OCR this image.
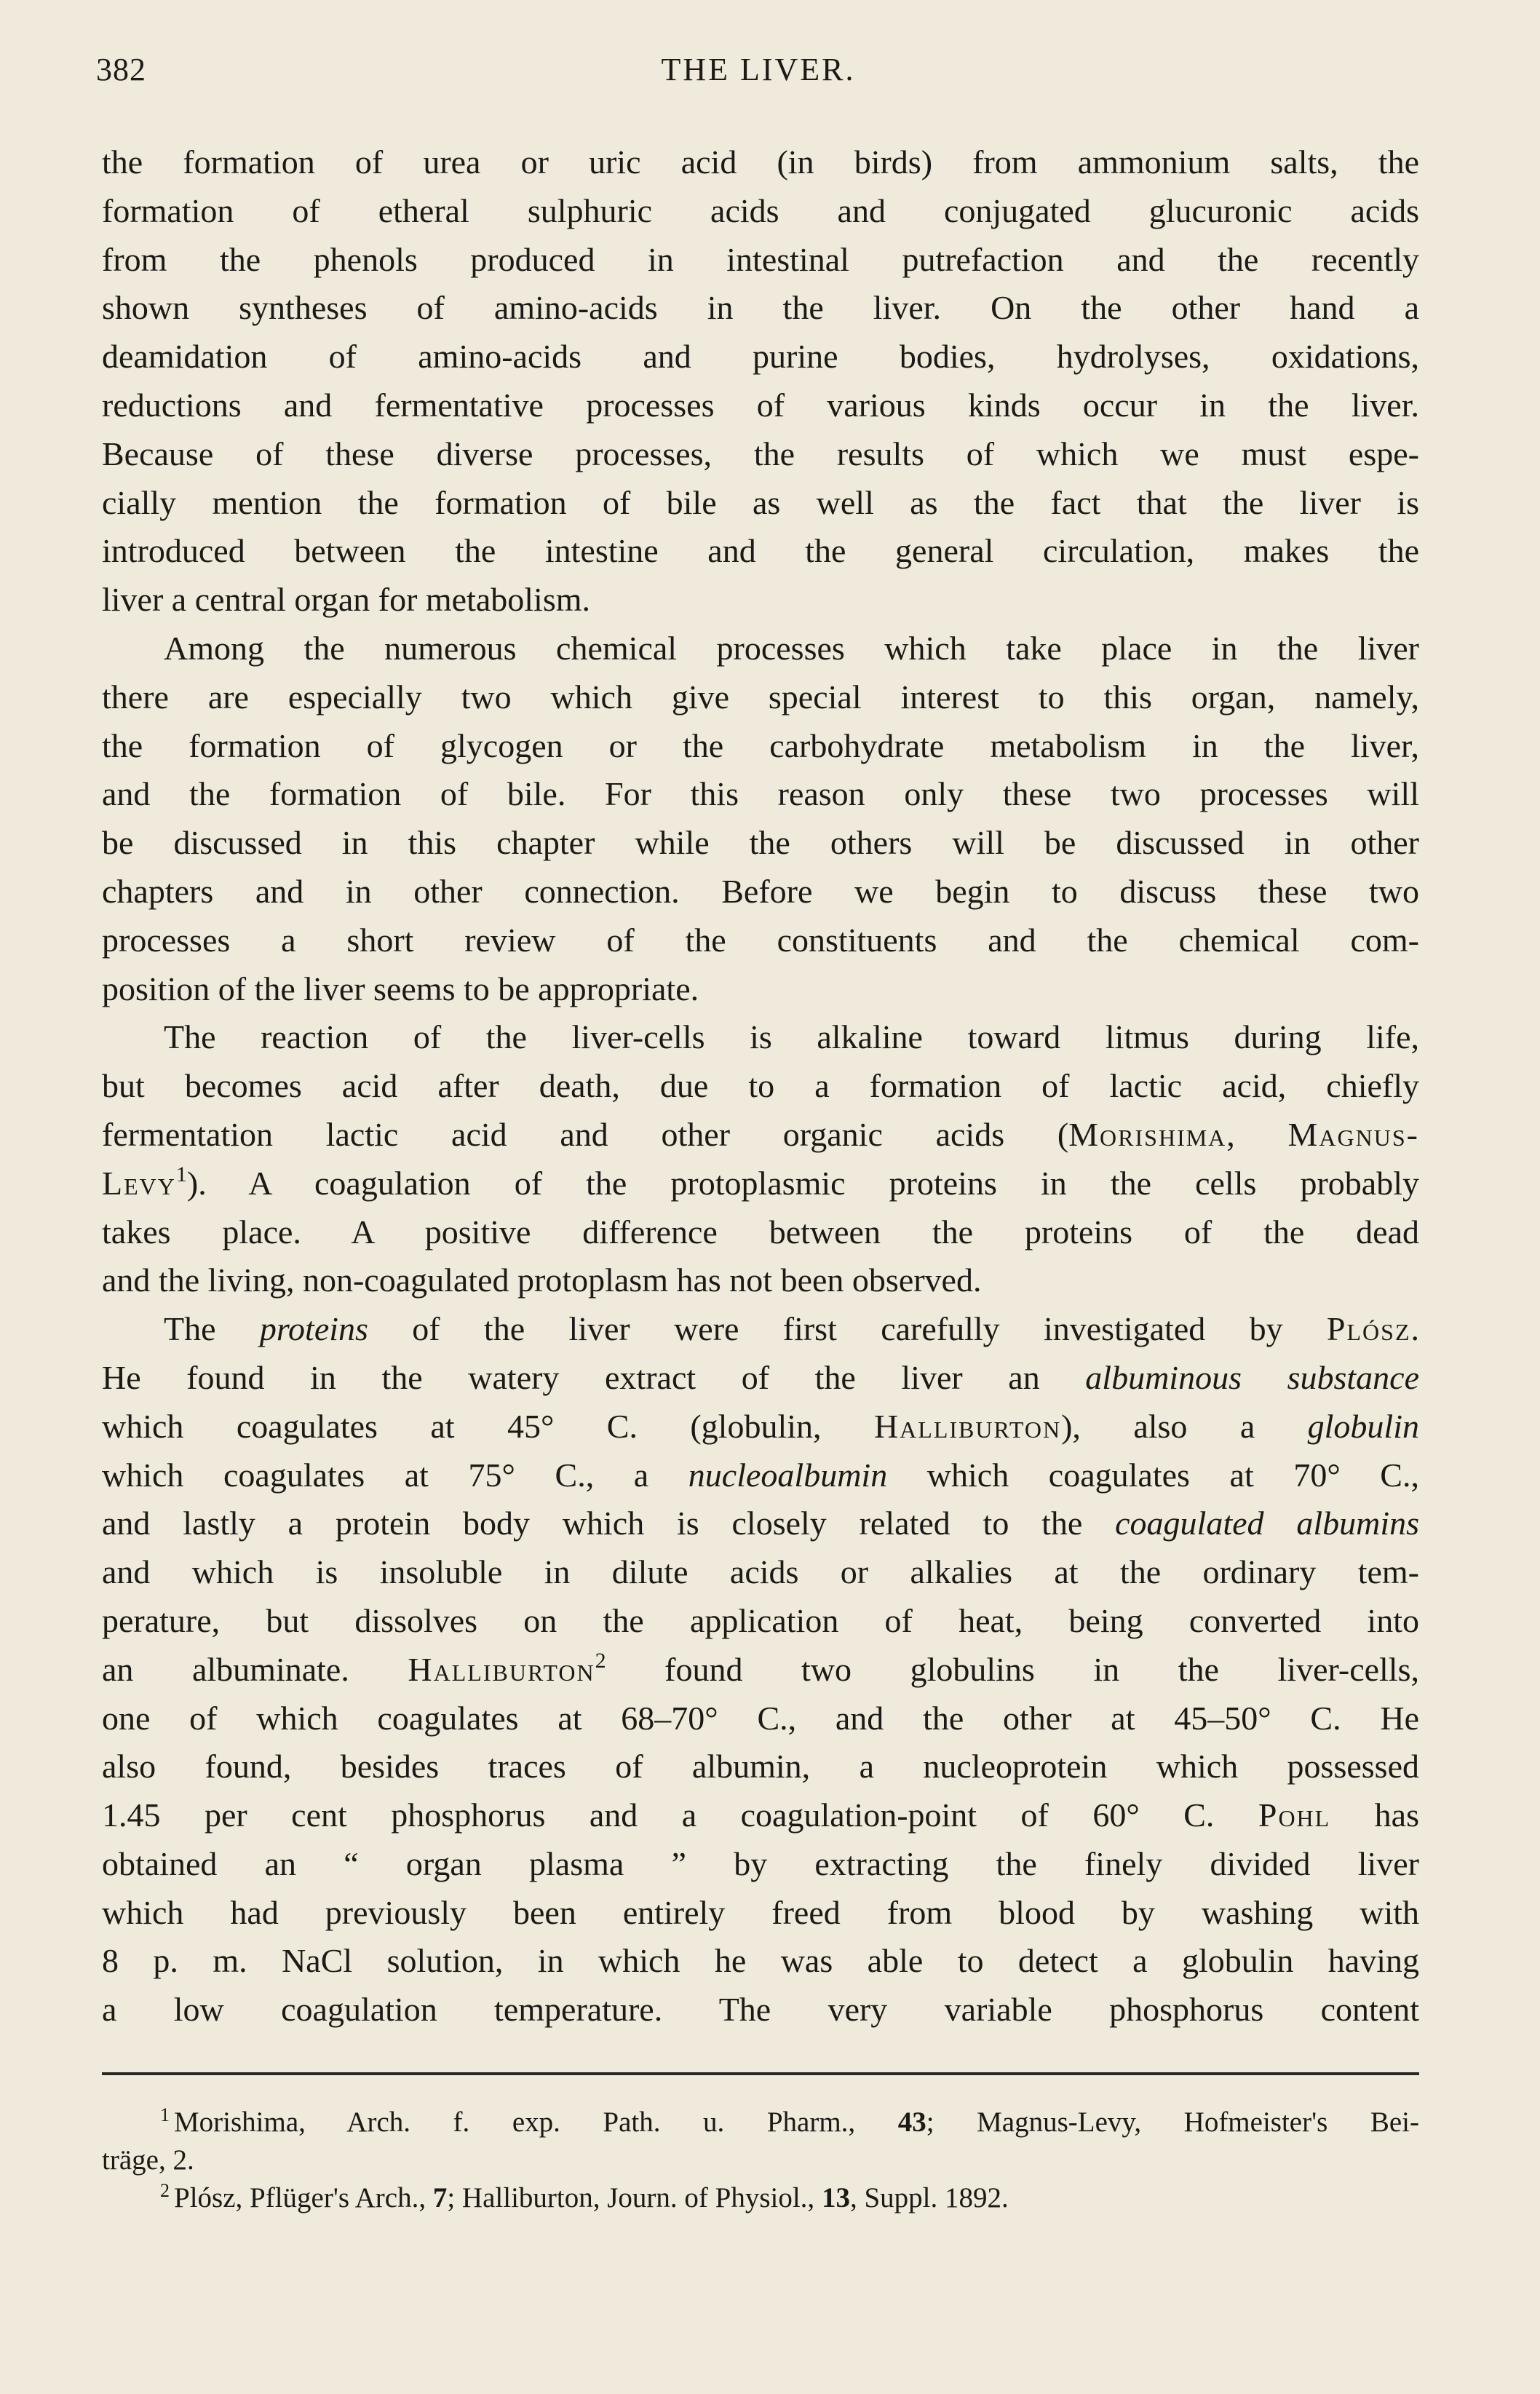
382	THE LIVER.
the formation of urea or uric acid (in birds) from ammonium salts, the
formation of etheral sulphuric acids and conjugated glucuronic acids
from the phenols produced in intestinal putrefaction and the recently
shown syntheses of amino-acids in the liver. On the other hand a
deamidation of amino-acids and purine bodies, hydrolyses, oxidations,
reductions and fermentative processes of various kinds occur in the liver.
Because of these diverse processes, the results of which we must espe-
cially mention the formation of bile as well as the fact that the liver is
introduced between the intestine and the general circulation, makes the
liver a central organ for metabolism.
Among the numerous chemical processes which take place in the liver
there are especially two which give special interest to this organ, namely,
the formation of glycogen or the carbohydrate metabolism in the liver,
and the formation of bile. For this reason only these two processes will
be discussed in this chapter while the others will be discussed in other
chapters and in other connection. Before we begin to discuss these two
processes a short review of the constituents and the chemical com-
position of the liver seems to be appropriate.
The reaction of the liver-cells is alkaline toward litmus during life,
but becomes acid after death, due to a formation of lactic acid, chiefly
fermentation lactic acid and other organic acids (Morishima, Magnus-
Levy$^1$). A coagulation of the protoplasmic proteins in the cells probably
takes place. A positive difference between the proteins of the dead
and the living, non-coagulated protoplasm has not been observed.
The proteins of the liver were first carefully investigated by Plósz.
He found in the watery extract of the liver an albuminous substance
which coagulates at 45° C. (globulin, Halliburton), also a globulin
which coagulates at 75° C., a nucleoalbumin which coagulates at 70° C.,
and lastly a protein body which is closely related to the coagulated albumins
and which is insoluble in dilute acids or alkalies at the ordinary tem-
perature, but dissolves on the application of heat, being converted into
an albuminate. Halliburton$^2$ found two globulins in the liver-cells,
one of which coagulates at 68–70° C., and the other at 45–50° C. He
also found, besides traces of albumin, a nucleoprotein which possessed
1.45 per cent phosphorus and a coagulation-point of 60° C. Pohl has
obtained an “ organ plasma ” by extracting the finely divided liver
which had previously been entirely freed from blood by washing with
8 p. m. NaCl solution, in which he was able to detect a globulin having
a low coagulation temperature. The very variable phosphorus content
$^1$ Morishima, Arch. f. exp. Path. u. Pharm., 43; Magnus-Levy, Hofmeister's Bei-
träge, 2.
$^2$ Plósz, Pflüger's Arch., 7; Halliburton, Journ. of Physiol., 13, Suppl. 1892.
